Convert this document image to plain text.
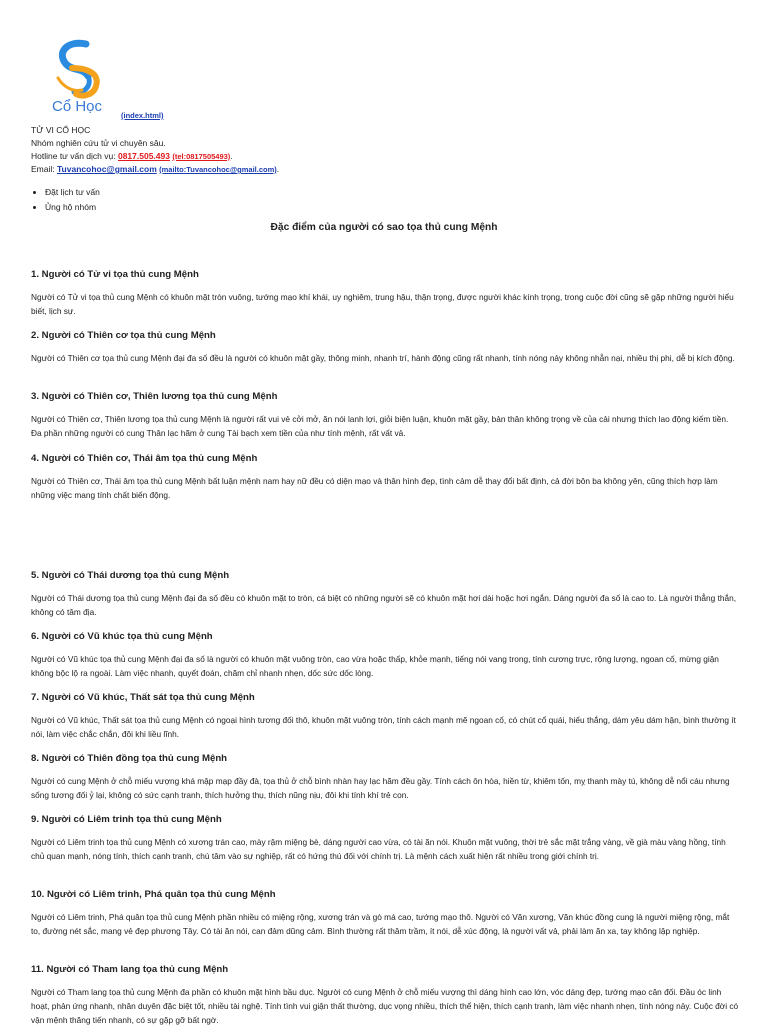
Cổ Học
(index.html)
TỬ VI CỔ HỌC
Nhóm nghiên cứu tử vi chuyên sâu.
Hotline tư vấn dịch vụ: 0817.505.493 (tel:0817505493).
Email: Tuvancohoc@gmail.com (mailto:Tuvancohoc@gmail.com).
• Đặt lịch tư vấn
• Ủng hộ nhóm
Đặc điểm của người có sao tọa thủ cung Mệnh
1. Người có Tử vi tọa thủ cung Mệnh

Người có Tử vi tọa thủ cung Mệnh có khuôn mặt tròn vuông, tướng mạo khí khái, uy nghiêm, trung hậu, thận trọng, được người khác kính trọng, trong cuộc đời cũng sẽ gặp những người hiểu biết, lịch sự.

2. Người có Thiên cơ tọa thủ cung Mệnh

Người có Thiên cơ tọa thủ cung Mệnh đại đa số đều là người có khuôn mặt gầy, thông minh, nhanh trí, hành động cũng rất nhanh, tính nóng nảy không nhẫn nại, nhiều thị phi, dễ bị kích động.

3. Người có Thiên cơ, Thiên lương tọa thủ cung Mệnh

Người có Thiên cơ, Thiên lương tọa thủ cung Mệnh là người rất vui vẻ cởi mở, ăn nói lanh lợi, giỏi biện luận, khuôn mặt gầy, bản thân không trọng về của cải nhưng thích lao động kiếm tiền. Đa phần những người có cung Thân lạc hãm ở cung Tài bạch xem tiền của như tính mệnh, rất vất vả.

4. Người có Thiên cơ, Thái âm tọa thủ cung Mệnh

Người có Thiên cơ, Thái âm tọa thủ cung Mệnh bất luận mệnh nam hay nữ đều có diện mạo và thân hình đẹp, tình cảm dễ thay đổi bất định, cả đời bôn ba không yên, cũng thích hợp làm những việc mang tính chất biến động.

5. Người có Thái dương tọa thủ cung Mệnh

Người có Thái dương tọa thủ cung Mệnh đại đa số đều có khuôn mặt to tròn, cá biệt có những người sẽ có khuôn mặt hơi dài hoặc hơi ngắn. Dáng người đa số là cao to. Là người thẳng thắn, không có tâm địa.

6. Người có Vũ khúc tọa thủ cung Mệnh

Người có Vũ khúc tọa thủ cung Mệnh đại đa số là người có khuôn mặt vuông tròn, cao vừa hoặc thấp, khỏe mạnh, tiếng nói vang trong, tính cương trực, rộng lượng, ngoan cố, mừng giận không bộc lộ ra ngoài. Làm việc nhanh, quyết đoán, chăm chỉ nhanh nhẹn, dốc sức dốc lòng.

7. Người có Vũ khúc, Thất sát tọa thủ cung Mệnh

Người có Vũ khúc, Thất sát tọa thủ cung Mệnh có ngoại hình tương đối thô, khuôn mặt vuông tròn, tính cách mạnh mẽ ngoan cố, có chút cổ quái, hiếu thắng, dám yêu dám hận, bình thường ít nói, làm việc chắc chắn, đôi khi liều lĩnh.

8. Người có Thiên đồng tọa thủ cung Mệnh

Người có cung Mệnh ở chỗ miếu vượng khá mập mạp đầy đà, tọa thủ ở chỗ bình nhàn hay lạc hãm đều gầy. Tính cách ôn hòa, hiền từ, khiêm tốn, mỵ thanh mày tú, không dễ nổi cáu nhưng sống tương đối ỷ lại, không có sức cạnh tranh, thích hưởng thụ, thích nũng nịu, đôi khi tính khí trẻ con.

9. Người có Liêm trinh tọa thủ cung Mệnh

Người có Liêm trinh tọa thủ cung Mệnh có xương trán cao, mày rậm miệng bè, dáng người cao vừa, có tài ăn nói. Khuôn mặt vuông, thời trẻ sắc mặt trắng vàng, về già màu vàng hồng, tính chủ quan mạnh, nóng tính, thích cạnh tranh, chú tâm vào sự nghiệp, rất có hứng thú đối với chính trị. Là mệnh cách xuất hiện rất nhiều trong giới chính trị.

10. Người có Liêm trinh, Phá quân tọa thủ cung Mệnh

Người có Liêm trinh, Phá quân tọa thủ cung Mệnh phần nhiều có miệng rộng, xương trán và gò má cao, tướng mạo thô. Người có Văn xương, Văn khúc đồng cung là người miệng rộng, mắt to, đường nét sắc, mang vẻ đẹp phương Tây. Có tài ăn nói, can đảm dũng cảm. Bình thường rất thâm trầm, ít nói, dễ xúc động, là người vất vả, phải làm ăn xa, tay không lập nghiệp.

11. Người có Tham lang tọa thủ cung Mệnh

Người có Tham lang tọa thủ cung Mệnh đa phần có khuôn mặt hình bầu dục. Người có cung Mệnh ở chỗ miếu vượng thì dáng hình cao lớn, vóc dáng đẹp, tướng mạo cân đối. Đầu óc linh hoạt, phản ứng nhanh, nhân duyên đặc biệt tốt, nhiều tài nghệ. Tính tình vui giận thất thường, dục vọng nhiều, thích thể hiện, thích cạnh tranh, làm việc nhanh nhẹn, tính nóng nảy. Cuộc đời có vận mệnh thăng tiến nhanh, có sự gặp gỡ bất ngờ.
